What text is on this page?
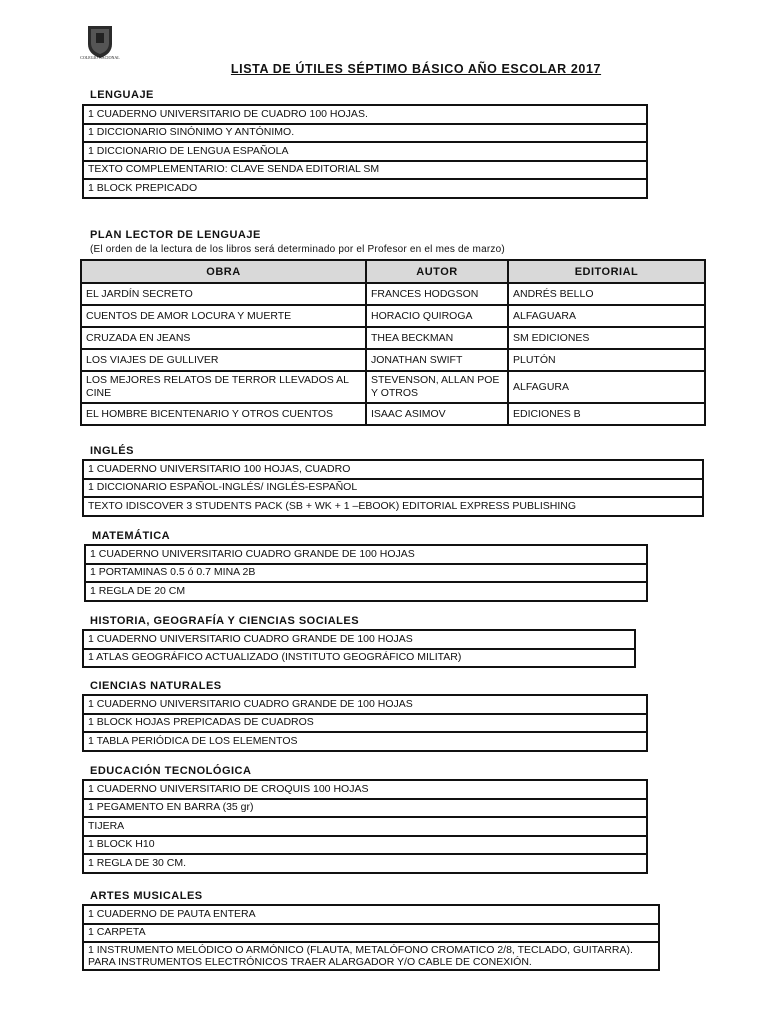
COLEGIO NACIONAL
LISTA DE ÚTILES SÉPTIMO BÁSICO AÑO ESCOLAR 2017
LENGUAJE
1 CUADERNO UNIVERSITARIO DE CUADRO 100 HOJAS.
1 DICCIONARIO SINÓNIMO Y ANTÓNIMO.
1 DICCIONARIO DE LENGUA ESPAÑOLA
TEXTO COMPLEMENTARIO: CLAVE SENDA EDITORIAL SM
1 BLOCK PREPICADO
PLAN LECTOR DE LENGUAJE
(El orden de la lectura de los libros será determinado por el Profesor en el mes de marzo)
OBRA	AUTOR	EDITORIAL
EL JARDÍN SECRETO	FRANCES HODGSON	ANDRÉS BELLO
CUENTOS DE AMOR LOCURA Y MUERTE	HORACIO QUIROGA	ALFAGUARA
CRUZADA EN JEANS	THEA BECKMAN	SM EDICIONES
LOS VIAJES DE GULLIVER	JONATHAN SWIFT	PLUTÓN
LOS MEJORES RELATOS DE TERROR LLEVADOS AL CINE	STEVENSON, ALLAN POE Y OTROS	ALFAGURA
EL HOMBRE BICENTENARIO Y OTROS CUENTOS	ISAAC ASIMOV	EDICIONES B
INGLÉS
1 CUADERNO UNIVERSITARIO 100 HOJAS, CUADRO
1 DICCIONARIO ESPAÑOL-INGLÉS/ INGLÉS-ESPAÑOL
TEXTO IDISCOVER 3 STUDENTS PACK (SB + WK + 1 –EBOOK) EDITORIAL EXPRESS PUBLISHING
MATEMÁTICA
1 CUADERNO UNIVERSITARIO CUADRO GRANDE DE 100 HOJAS
1 PORTAMINAS 0.5 ó 0.7 MINA 2B
1 REGLA DE 20 CM
HISTORIA, GEOGRAFÍA Y CIENCIAS SOCIALES
1 CUADERNO UNIVERSITARIO CUADRO GRANDE DE 100 HOJAS
1 ATLAS GEOGRÁFICO ACTUALIZADO (INSTITUTO GEOGRÁFICO MILITAR)
CIENCIAS NATURALES
1 CUADERNO UNIVERSITARIO CUADRO GRANDE DE 100 HOJAS
1 BLOCK HOJAS PREPICADAS DE CUADROS
1 TABLA PERIÓDICA DE LOS ELEMENTOS
EDUCACIÓN TECNOLÓGICA
1 CUADERNO UNIVERSITARIO DE CROQUIS 100 HOJAS
1 PEGAMENTO EN BARRA (35 gr)
TIJERA
1 BLOCK H10
1 REGLA DE 30 CM.
ARTES MUSICALES
1 CUADERNO DE PAUTA ENTERA
1 CARPETA
1 INSTRUMENTO MELÓDICO O ARMÓNICO (FLAUTA, METALÓFONO CROMATICO 2/8, TECLADO, GUITARRA). PARA INSTRUMENTOS ELECTRÓNICOS TRAER ALARGADOR Y/O CABLE DE CONEXIÓN.
